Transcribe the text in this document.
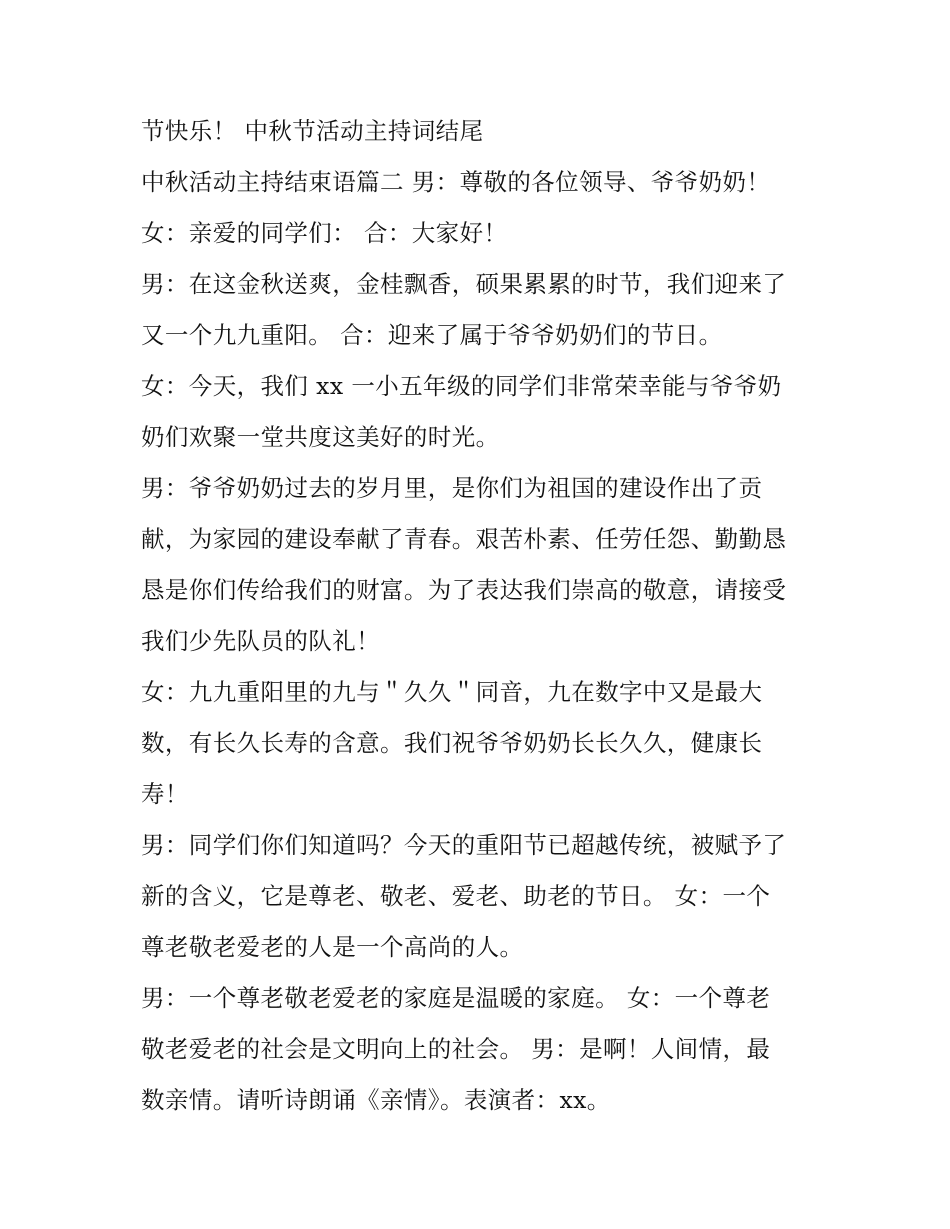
节快乐！ 中秋节活动主持词结尾
中秋活动主持结束语篇二 男：尊敬的各位领导、爷爷奶奶！
女：亲爱的同学们： 合：大家好！
男：在这金秋送爽，金桂飘香，硕果累累的时节，我们迎来了
又一个九九重阳。 合：迎来了属于爷爷奶奶们的节日。
女：今天，我们 xx 一小五年级的同学们非常荣幸能与爷爷奶
奶们欢聚一堂共度这美好的时光。
男：爷爷奶奶过去的岁月里，是你们为祖国的建设作出了贡
献，为家园的建设奉献了青春。艰苦朴素、任劳任怨、勤勤恳
恳是你们传给我们的财富。为了表达我们崇高的敬意，请接受
我们少先队员的队礼！
女：九九重阳里的九与＂久久＂同音，九在数字中又是最大
数，有长久长寿的含意。我们祝爷爷奶奶长长久久，健康长
寿！
男：同学们你们知道吗？今天的重阳节已超越传统，被赋予了
新的含义，它是尊老、敬老、爱老、助老的节日。 女：一个
尊老敬老爱老的人是一个高尚的人。
男：一个尊老敬老爱老的家庭是温暖的家庭。 女：一个尊老
敬老爱老的社会是文明向上的社会。 男：是啊！人间情，最
数亲情。请听诗朗诵《亲情》。表演者：xx。
